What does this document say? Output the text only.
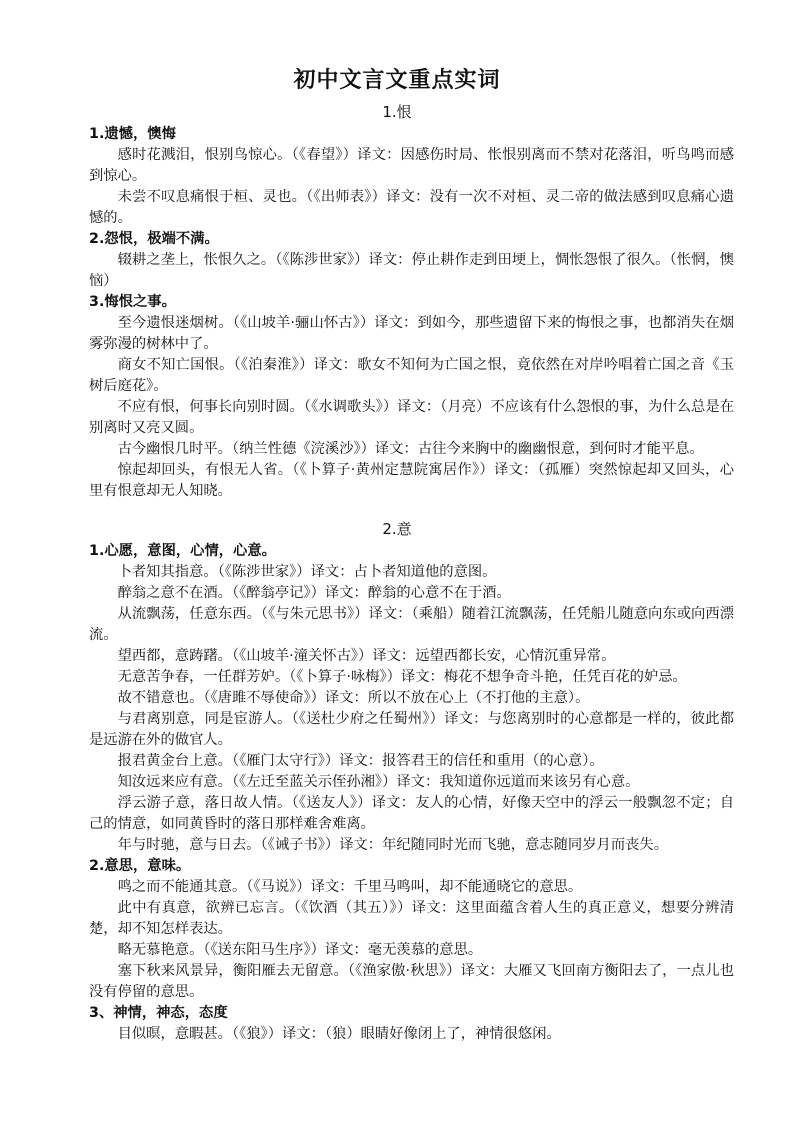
初中文言文重点实词
1.恨

1.遗憾，懊悔

感时花溅泪，恨别鸟惊心。（《春望》）译文：因感伤时局、怅恨别离而不禁对花落泪，听鸟鸣而感到惊心。

未尝不叹息痛恨于桓、灵也。（《出师表》）译文：没有一次不对桓、灵二帝的做法感到叹息痛心遗憾的。

2.怨恨，极端不满。

辍耕之垄上，怅恨久之。（《陈涉世家》）译文：停止耕作走到田埂上，惆怅怨恨了很久。（怅惘，懊恼）

3.悔恨之事。

至今遗恨迷烟树。（《山坡羊·骊山怀古》）译文：到如今，那些遗留下来的悔恨之事，也都消失在烟雾弥漫的树林中了。

商女不知亡国恨。（《泊秦淮》）译文：歌女不知何为亡国之恨，竟依然在对岸吟唱着亡国之音《玉树后庭花》。

不应有恨，何事长向别时圆。（《水调歌头》）译文：（月亮）不应该有什么怨恨的事，为什么总是在别离时又亮又圆。

古今幽恨几时平。（纳兰性德《浣溪沙》）译文：古往今来胸中的幽幽恨意，到何时才能平息。

惊起却回头，有恨无人省。（《卜算子·黄州定慧院寓居作》）译文：（孤雁）突然惊起却又回头，心里有恨意却无人知晓。

2.意

1.心愿，意图，心情，心意。

卜者知其指意。（《陈涉世家》）译文：占卜者知道他的意图。

醉翁之意不在酒。（《醉翁亭记》）译文：醉翁的心意不在于酒。

从流飘荡，任意东西。（《与朱元思书》）译文：（乘船）随着江流飘荡，任凭船儿随意向东或向西漂流。

望西都，意踌躇。（《山坡羊·潼关怀古》）译文：远望西都长安，心情沉重异常。

无意苦争春，一任群芳妒。（《卜算子·咏梅》）译文：梅花不想争奇斗艳，任凭百花的妒忌。

故不错意也。（《唐雎不辱使命》）译文：所以不放在心上（不打他的主意）。

与君离别意，同是宦游人。（《送杜少府之任蜀州》）译文：与您离别时的心意都是一样的，彼此都是远游在外的做官人。

报君黄金台上意。（《雁门太守行》）译文：报答君王的信任和重用（的心意）。

知汝远来应有意。（《左迁至蓝关示侄孙湘》）译文：我知道你远道而来该另有心意。

浮云游子意，落日故人情。（《送友人》）译文：友人的心情，好像天空中的浮云一般飘忽不定；自己的情意，如同黄昏时的落日那样难舍难离。

年与时驰，意与日去。（《诫子书》）译文：年纪随同时光而飞驰，意志随同岁月而丧失。

2.意思，意味。

鸣之而不能通其意。（《马说》）译文：千里马鸣叫，却不能通晓它的意思。

此中有真意，欲辨已忘言。（《饮酒（其五）》）译文：这里面蕴含着人生的真正意义，想要分辨清楚，却不知怎样表达。

略无慕艳意。（《送东阳马生序》）译文：毫无羡慕的意思。

塞下秋来风景异，衡阳雁去无留意。（《渔家傲·秋思》）译文：大雁又飞回南方衡阳去了，一点儿也没有停留的意思。

3、神情，神态，态度

目似暝，意暇甚。（《狼》）译文：（狼）眼睛好像闭上了，神情很悠闲。
